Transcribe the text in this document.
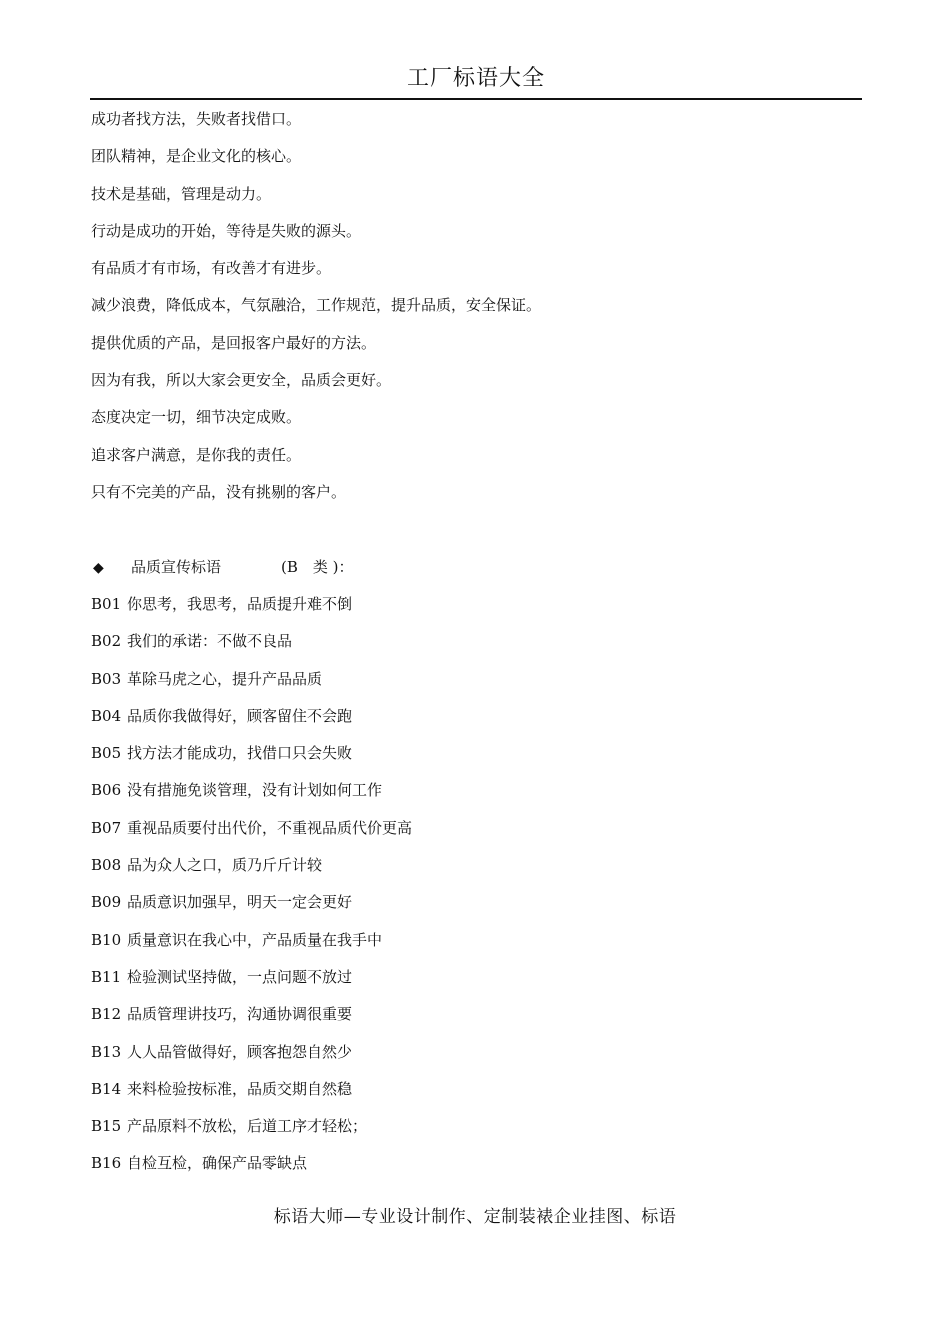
工厂标语大全
成功者找方法，失败者找借口。
团队精神，是企业文化的核心。
技术是基础，管理是动力。
行动是成功的开始，等待是失败的源头。
有品质才有市场，有改善才有进步。
减少浪费，降低成本，气氛融洽，工作规范，提升品质，安全保证。
提供优质的产品，是回报客户最好的方法。
因为有我，所以大家会更安全，品质会更好。
态度决定一切，细节决定成败。
追求客户满意，是你我的责任。
只有不完美的产品，没有挑剔的客户。
◆ 品质宣传标语	(B　类 )：
B01 你思考，我思考，品质提升难不倒
B02 我们的承诺：不做不良品
B03 革除马虎之心，提升产品品质
B04 品质你我做得好，顾客留住不会跑
B05 找方法才能成功，找借口只会失败
B06 没有措施免谈管理，没有计划如何工作
B07 重视品质要付出代价，不重视品质代价更高
B08 品为众人之口，质乃斤斤计较
B09 品质意识加强早，明天一定会更好
B10 质量意识在我心中，产品质量在我手中
B11 检验测试坚持做，一点问题不放过
B12 品质管理讲技巧，沟通协调很重要
B13 人人品管做得好，顾客抱怨自然少
B14 来料检验按标准，品质交期自然稳
B15 产品原料不放松，后道工序才轻松；
B16 自检互检，确保产品零缺点
标语大师—专业设计制作、定制装裱企业挂图、标语
